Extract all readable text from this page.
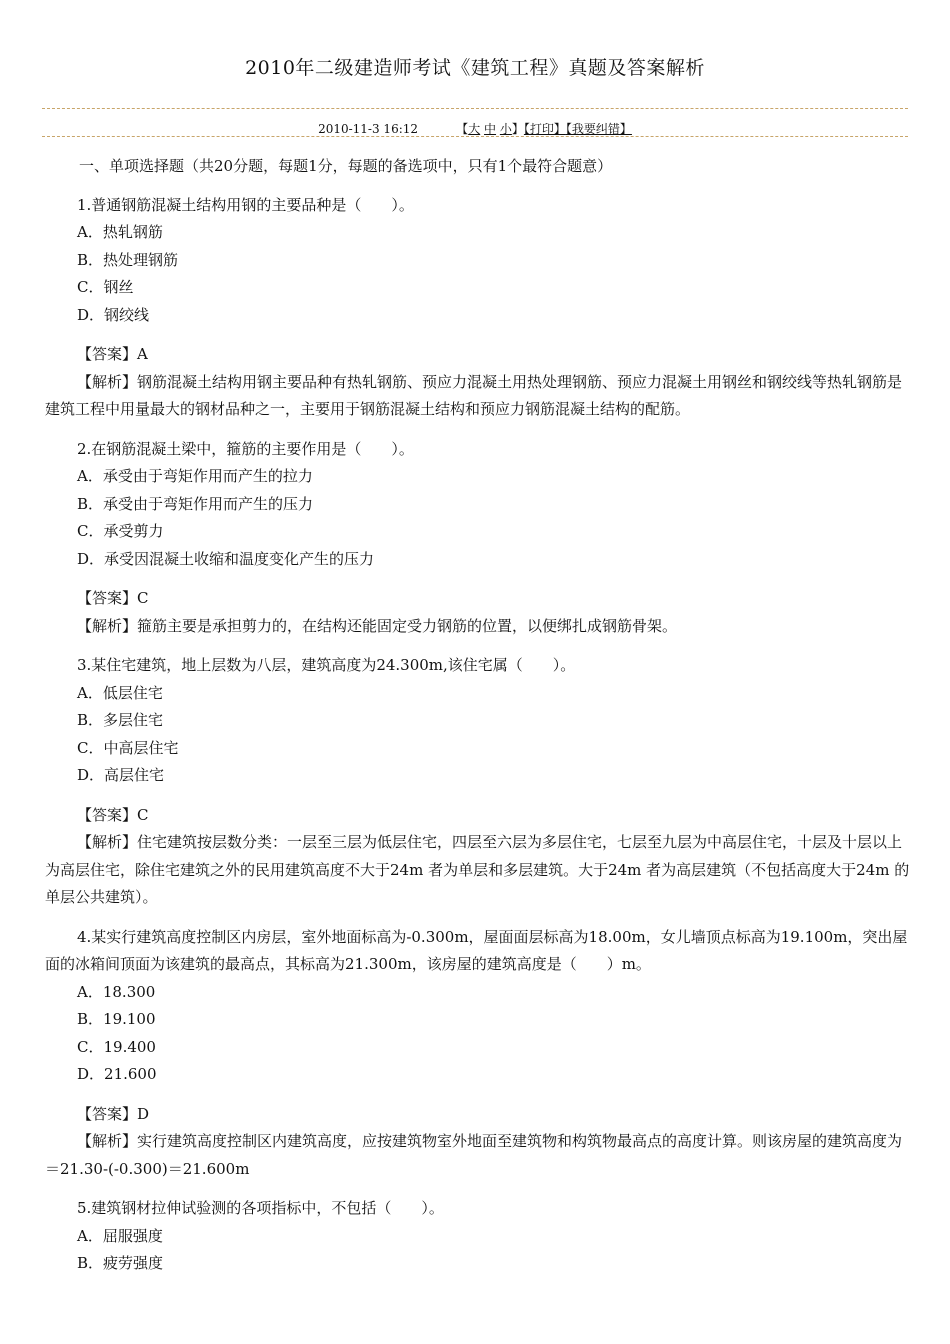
2010年二级建造师考试《建筑工程》真题及答案解析
2010-11-3 16:12	【大 中 小】【打印】【我要纠错】

一、单项选择题（共20分题，每题1分，每题的备选项中，只有1个最符合题意）

1.普通钢筋混凝土结构用钢的主要品种是（　　）。

A．热轧钢筋

B．热处理钢筋

C．钢丝

D．钢绞线

【答案】A

【解析】钢筋混凝土结构用钢主要品种有热轧钢筋、预应力混凝土用热处理钢筋、预应力混凝土用钢丝和钢绞线等热轧钢筋是建筑工程中用量最大的钢材品种之一，主要用于钢筋混凝土结构和预应力钢筋混凝土结构的配筋。

2.在钢筋混凝土梁中，箍筋的主要作用是（　　）。

A．承受由于弯矩作用而产生的拉力

B．承受由于弯矩作用而产生的压力

C．承受剪力

D．承受因混凝土收缩和温度变化产生的压力

【答案】C

【解析】箍筋主要是承担剪力的，在结构还能固定受力钢筋的位置，以便绑扎成钢筋骨架。

3.某住宅建筑，地上层数为八层，建筑高度为24.300m,该住宅属（　　）。

A．低层住宅

B．多层住宅

C．中高层住宅

D．高层住宅

【答案】C

【解析】住宅建筑按层数分类：一层至三层为低层住宅，四层至六层为多层住宅，七层至九层为中高层住宅，十层及十层以上为高层住宅，除住宅建筑之外的民用建筑高度不大于24m 者为单层和多层建筑。大于24m 者为高层建筑（不包括高度大于24m 的单层公共建筑）。
4.某实行建筑高度控制区内房层，室外地面标高为-0.300m，屋面面层标高为18.00m，女儿墙顶点标高为19.100m，突出屋面的冰箱间顶面为该建筑的最高点，其标高为21.300m，该房屋的建筑高度是（　　）m。

A．18.300

B．19.100

C．19.400

D．21.600

【答案】D

【解析】实行建筑高度控制区内建筑高度，应按建筑物室外地面至建筑物和构筑物最高点的高度计算。则该房屋的建筑高度为＝21.30-(-0.300)＝21.600m

5.建筑钢材拉伸试验测的各项指标中，不包括（　　）。

A．屈服强度

B．疲劳强度
